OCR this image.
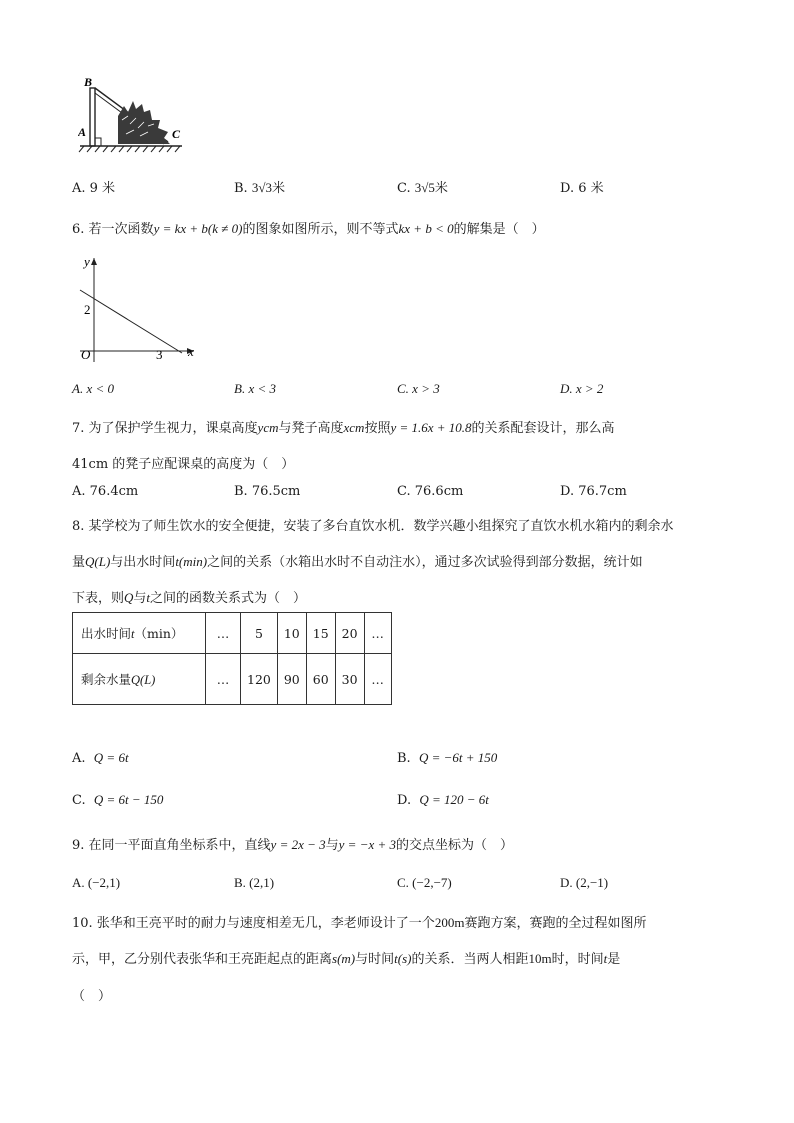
B
A	C
A. 9 米	B. 3√3米	C. 3√5米	D. 6 米
6. 若一次函数y = kx + b(k ≠ 0)的图象如图所示，则不等式kx + b < 0的解集是（　）
y
x
O
2
3
A. x < 0	B. x < 3	C. x > 3	D. x > 2
7. 为了保护学生视力，课桌高度ycm与凳子高度xcm按照y = 1.6x + 10.8的关系配套设计，那么高
41cm 的凳子应配课桌的高度为（　）
A. 76.4cm	B. 76.5cm	C. 76.6cm	D. 76.7cm
8. 某学校为了师生饮水的安全便捷，安装了多台直饮水机．数学兴趣小组探究了直饮水机水箱内的剩余水
量Q(L)与出水时间t(min)之间的关系（水箱出水时不自动注水），通过多次试验得到部分数据，统计如
下表，则Q与t之间的函数关系式为（　）
出水时间t（min）	…	5	10	15	20	…
剩余水量Q(L)	…	120	90	60	30	…
A. Q = 6t	B. Q = −6t + 150
C. Q = 6t − 150	D. Q = 120 − 6t
9. 在同一平面直角坐标系中，直线y = 2x − 3与y = −x + 3的交点坐标为（　）
A. (−2,1)	B. (2,1)	C. (−2,−7)	D. (2,−1)
10. 张华和王亮平时的耐力与速度相差无几，李老师设计了一个200m赛跑方案，赛跑的全过程如图所
示，甲，乙分别代表张华和王亮距起点的距离s(m)与时间t(s)的关系．当两人相距10m时，时间t是
（　）
